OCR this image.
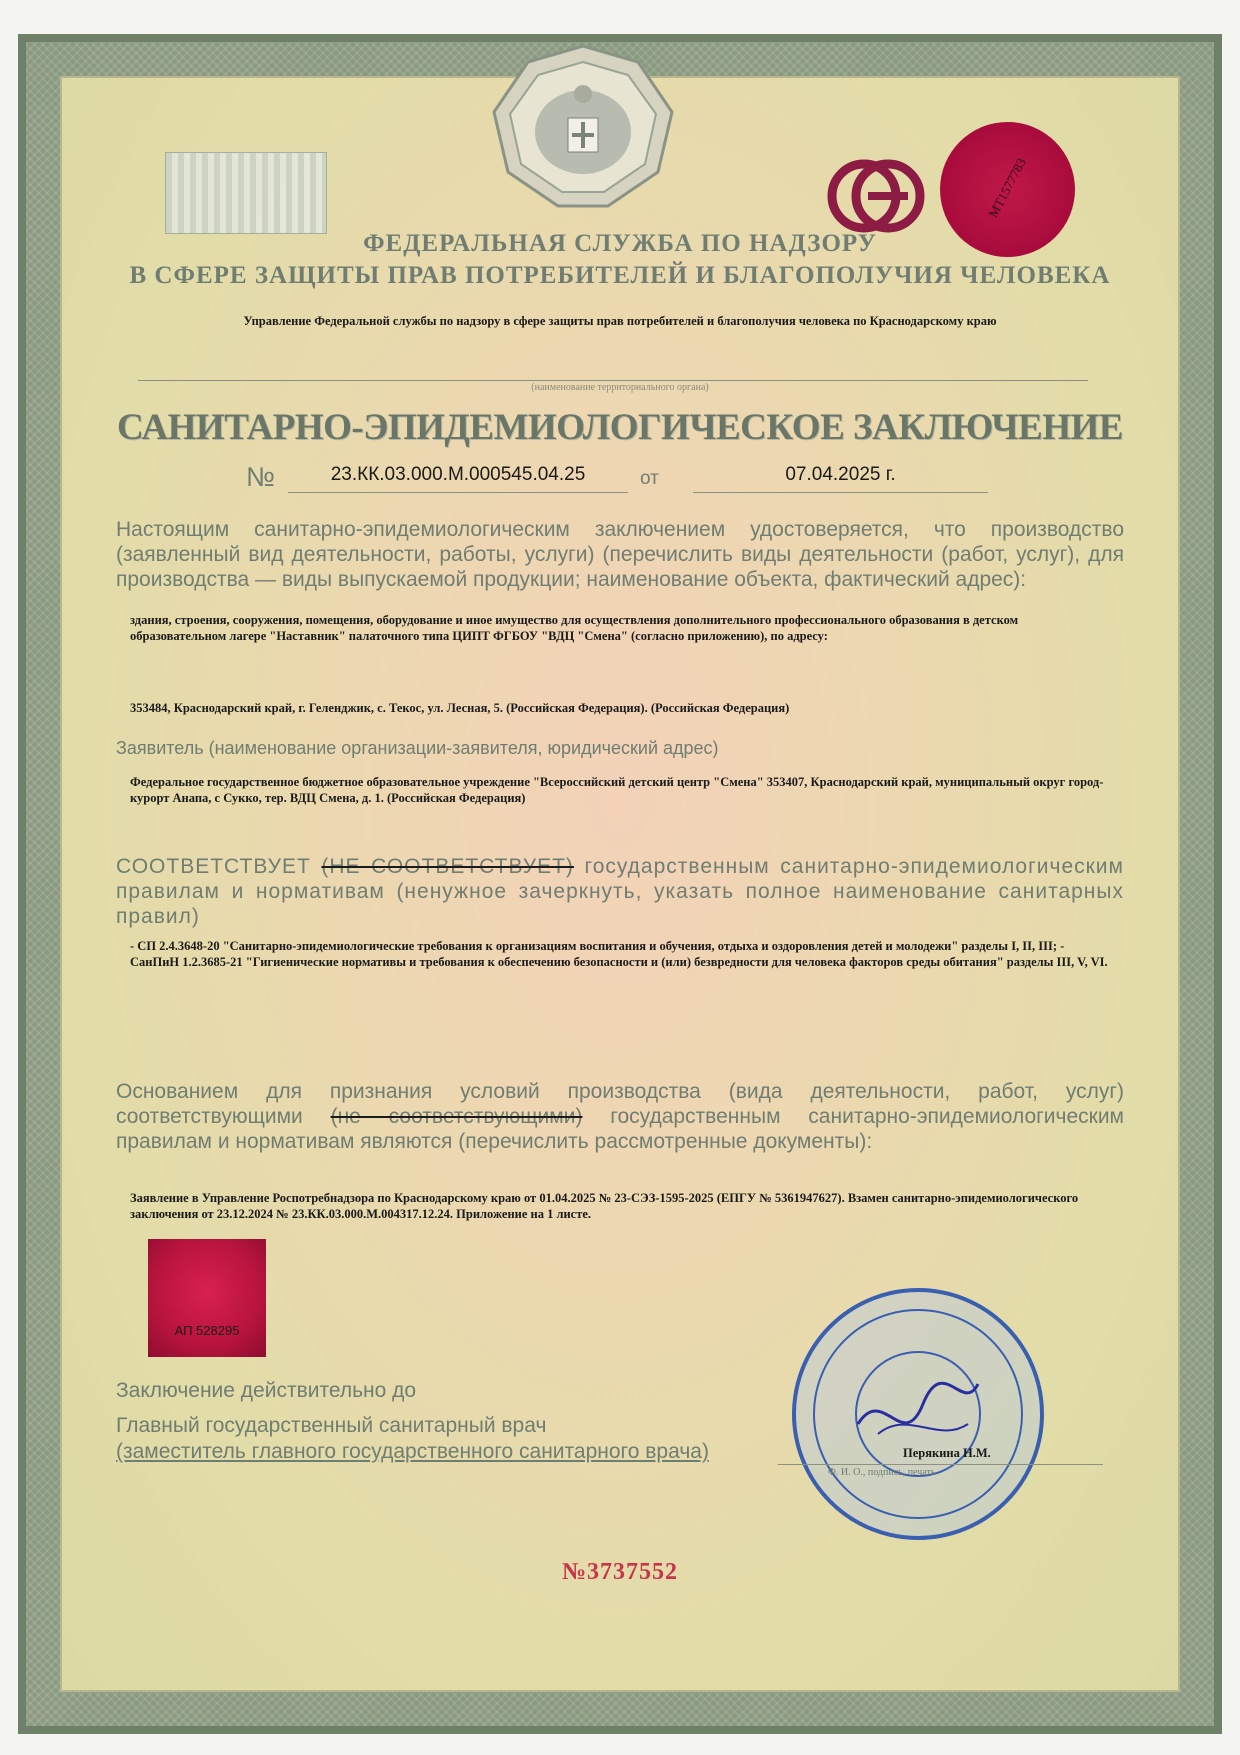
МТ1577783
ФЕДЕРАЛЬНАЯ СЛУЖБА ПО НАДЗОРУ
В СФЕРЕ ЗАЩИТЫ ПРАВ ПОТРЕБИТЕЛЕЙ И БЛАГОПОЛУЧИЯ ЧЕЛОВЕКА
Управление Федеральной службы по надзору в сфере защиты прав потребителей и благополучия человека по Краснодарскому краю
(наименование территориального органа)
САНИТАРНО-ЭПИДЕМИОЛОГИЧЕСКОЕ ЗАКЛЮЧЕНИЕ
№	23.КК.03.000.М.000545.04.25	от	07.04.2025 г.
Настоящим санитарно-эпидемиологическим заключением удостоверяется, что производство (заявленный вид деятельности, работы, услуги) (перечислить виды деятельности (работ, услуг), для производства — виды выпускаемой продукции; наименование объекта, фактический адрес):
здания, строения, сооружения, помещения, оборудование и иное имущество для осуществления дополнительного профессионального образования в детском образовательном лагере "Наставник" палаточного типа ЦИПТ ФГБОУ "ВДЦ "Смена" (согласно приложению), по адресу:
353484, Краснодарский край, г. Геленджик, с. Текос, ул. Лесная, 5. (Российская Федерация). (Российская Федерация)
Заявитель (наименование организации-заявителя, юридический адрес)
Федеральное государственное бюджетное образовательное учреждение "Всероссийский детский центр "Смена" 353407, Краснодарский край, муниципальный округ город-курорт Анапа, с Сукко, тер. ВДЦ Смена, д. 1. (Российская Федерация)
СООТВЕТСТВУЕТ (НЕ СООТВЕТСТВУЕТ) государственным санитарно-эпидемиологическим правилам и нормативам (ненужное зачеркнуть, указать полное наименование санитарных правил)
- СП 2.4.3648-20 "Санитарно-эпидемиологические требования к организациям воспитания и обучения, отдыха и оздоровления детей и молодежи" разделы I, II, III; - СанПиН 1.2.3685-21 "Гигиенические нормативы и требования к обеспечению безопасности и (или) безвредности для человека факторов среды обитания" разделы III, V, VI.
Основанием для признания условий производства (вида деятельности, работ, услуг) соответствующими (не соответствующими) государственным санитарно-эпидемиологическим правилам и нормативам являются (перечислить рассмотренные документы):
Заявление в Управление Роспотребнадзора по Краснодарскому краю от 01.04.2025 № 23-СЭЗ-1595-2025 (ЕПГУ № 5361947627). Взамен санитарно-эпидемиологического заключения от 23.12.2024 № 23.КК.03.000.М.004317.12.24. Приложение на 1 листе.
АП 528295
Заключение действительно до
Главный государственный санитарный врач
(заместитель главного государственного санитарного врача)	Перякина Н.М.
Ф. И. О., подпись, печать
№3737552
